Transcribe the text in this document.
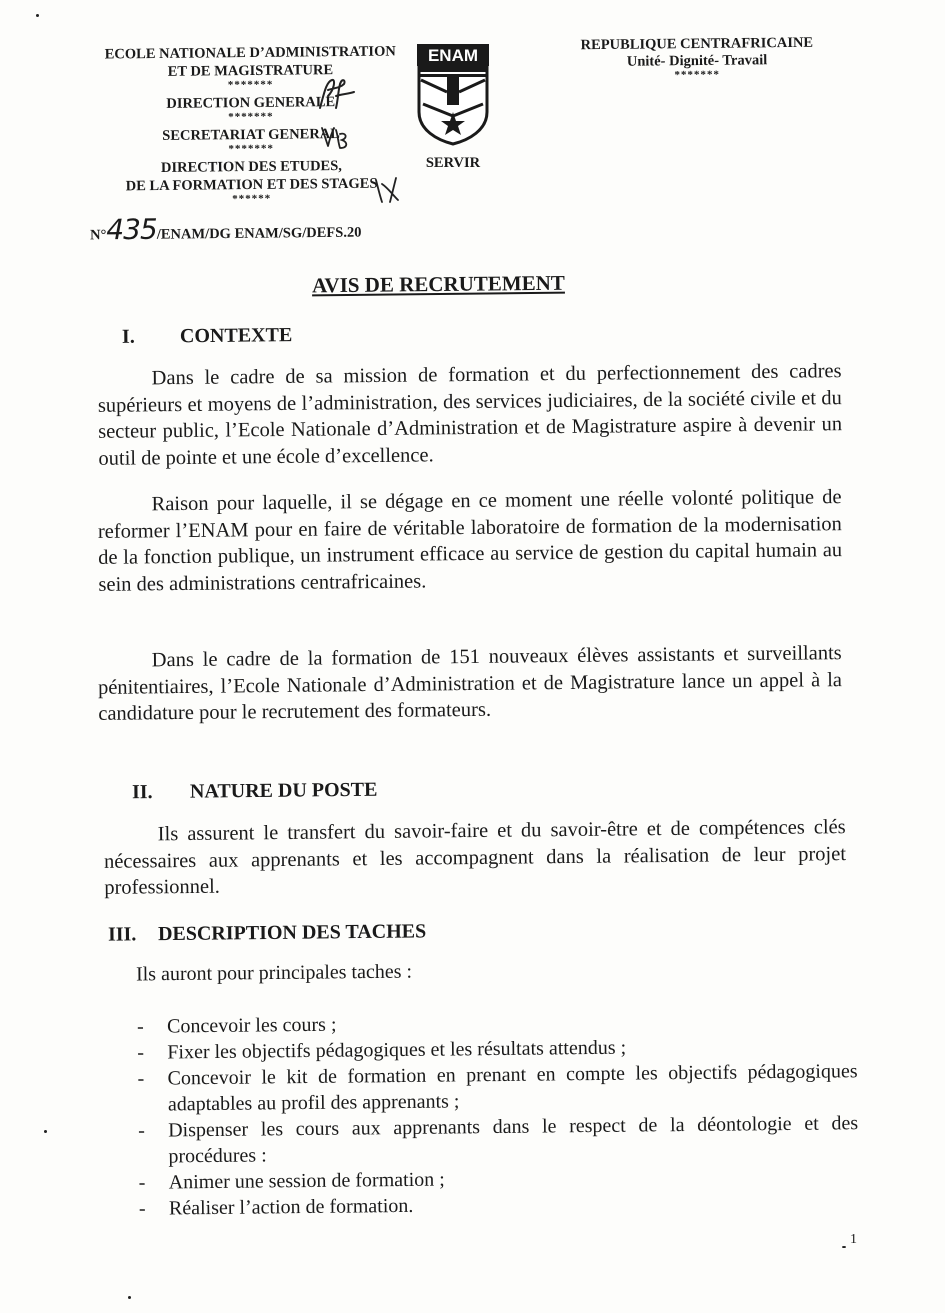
ECOLE NATIONALE D’ADMINISTRATION
ET DE MAGISTRATURE
*******
DIRECTION GENERALE
*******
SECRETARIAT GENERAL
*******
DIRECTION DES ETUDES,
DE LA FORMATION ET DES STAGES
******
N°435/ENAM/DG ENAM/SG/DEFS.20
ENAM
SERVIR
REPUBLIQUE CENTRAFRICAINE
Unité- Dignité- Travail
*******
AVIS DE RECRUTEMENT
I. CONTEXTE
Dans le cadre de sa mission de formation et du perfectionnement des cadres supérieurs et moyens de l’administration, des services judiciaires, de la société civile et du secteur public, l’Ecole Nationale d’Administration et de Magistrature aspire à devenir un outil de pointe et une école d’excellence.
Raison pour laquelle, il se dégage en ce moment une réelle volonté politique de reformer l’ENAM pour en faire de véritable laboratoire de formation de la modernisation de la fonction publique, un instrument efficace au service de gestion du capital humain au sein des administrations centrafricaines.
Dans le cadre de la formation de 151 nouveaux élèves assistants et surveillants pénitentiaires, l’Ecole Nationale d’Administration et de Magistrature lance un appel à la candidature pour le recrutement des formateurs.
II. NATURE DU POSTE
Ils assurent le transfert du savoir-faire et du savoir-être et de compétences clés nécessaires aux apprenants et les accompagnent dans la réalisation de leur projet professionnel.
III. DESCRIPTION DES TACHES
Ils auront pour principales taches :
- Concevoir les cours ;
- Fixer les objectifs pédagogiques et les résultats attendus ;
- Concevoir le kit de formation en prenant en compte les objectifs pédagogiques adaptables au profil des apprenants ;
- Dispenser les cours aux apprenants dans le respect de la déontologie et des procédures :
- Animer une session de formation ;
- Réaliser l’action de formation.
1
